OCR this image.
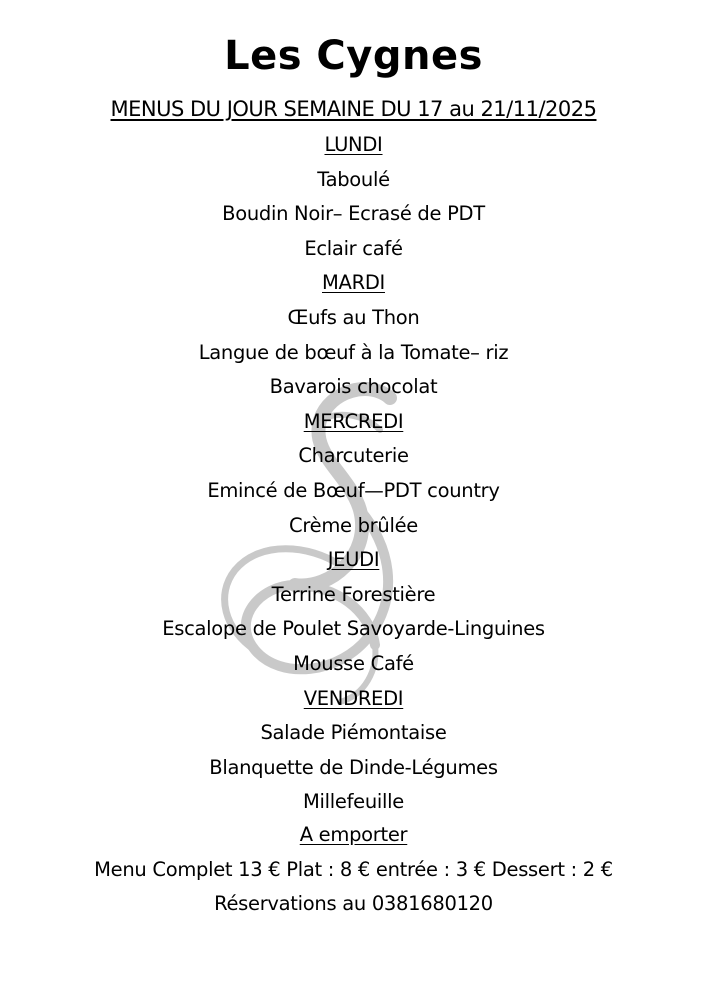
Les Cygnes
MENUS DU JOUR SEMAINE DU 17 au 21/11/2025
LUNDI
Taboulé
Boudin Noir– Ecrasé de PDT
Eclair café
MARDI
Œufs au Thon
Langue de bœuf à la Tomate– riz
Bavarois chocolat
MERCREDI
Charcuterie
Emincé de Bœuf—PDT country
Crème brûlée
JEUDI
Terrine Forestière
Escalope de Poulet Savoyarde-Linguines
Mousse Café
VENDREDI
Salade Piémontaise
Blanquette de Dinde-Légumes
Millefeuille
A emporter
Menu Complet 13 € Plat : 8 € entrée : 3 € Dessert : 2 €
Réservations au 0381680120
